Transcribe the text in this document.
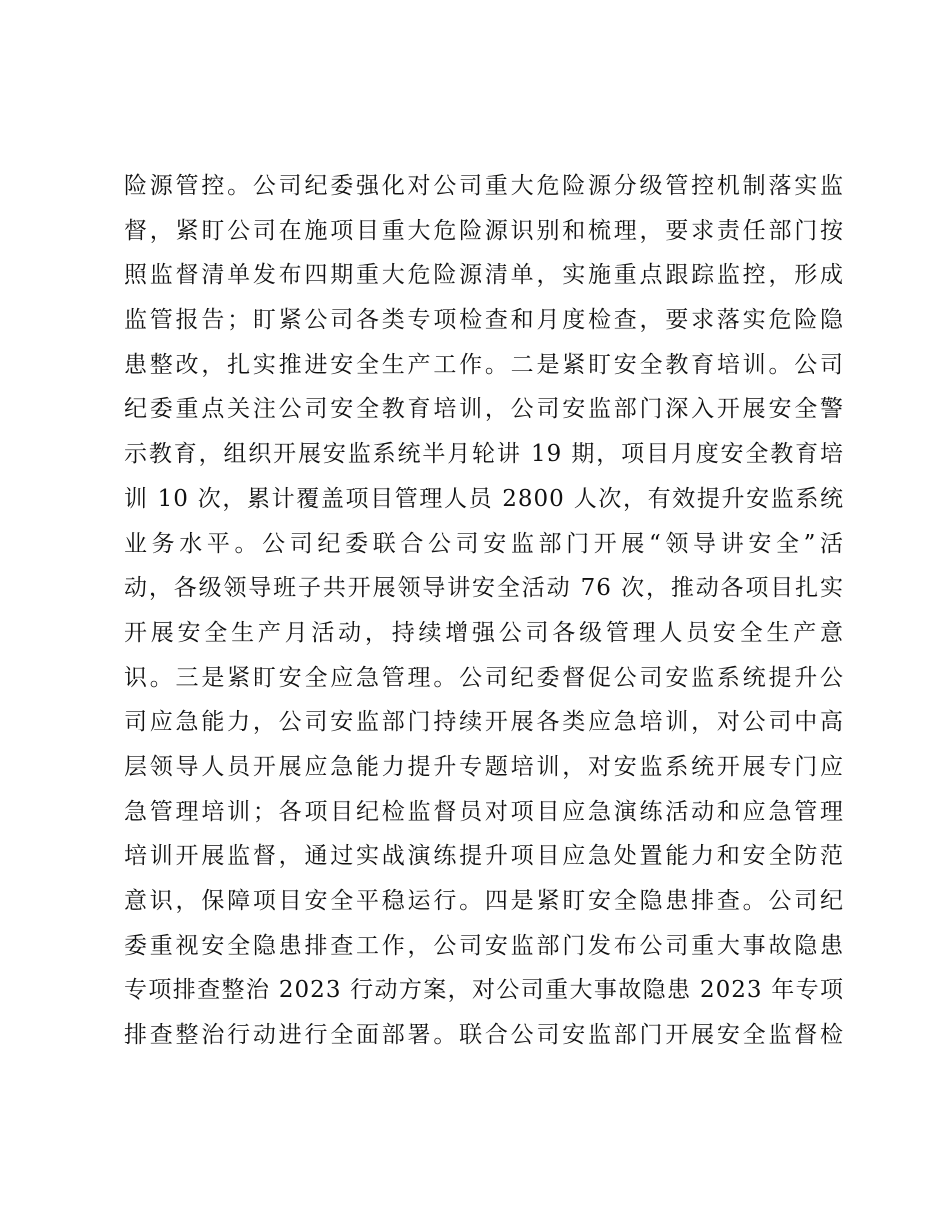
险源管控。公司纪委强化对公司重大危险源分级管控机制落实监
督，紧盯公司在施项目重大危险源识别和梳理，要求责任部门按
照监督清单发布四期重大危险源清单，实施重点跟踪监控，形成
监管报告；盯紧公司各类专项检查和月度检查，要求落实危险隐
患整改，扎实推进安全生产工作。二是紧盯安全教育培训。公司
纪委重点关注公司安全教育培训，公司安监部门深入开展安全警
示教育，组织开展安监系统半月轮讲 19 期，项目月度安全教育培
训 10 次，累计覆盖项目管理人员 2800 人次，有效提升安监系统
业务水平。公司纪委联合公司安监部门开展“领导讲安全”活
动，各级领导班子共开展领导讲安全活动 76 次，推动各项目扎实
开展安全生产月活动，持续增强公司各级管理人员安全生产意
识。三是紧盯安全应急管理。公司纪委督促公司安监系统提升公
司应急能力，公司安监部门持续开展各类应急培训，对公司中高
层领导人员开展应急能力提升专题培训，对安监系统开展专门应
急管理培训；各项目纪检监督员对项目应急演练活动和应急管理
培训开展监督，通过实战演练提升项目应急处置能力和安全防范
意识，保障项目安全平稳运行。四是紧盯安全隐患排查。公司纪
委重视安全隐患排查工作，公司安监部门发布公司重大事故隐患
专项排查整治 2023 行动方案，对公司重大事故隐患 2023 年专项
排查整治行动进行全面部署。联合公司安监部门开展安全监督检
